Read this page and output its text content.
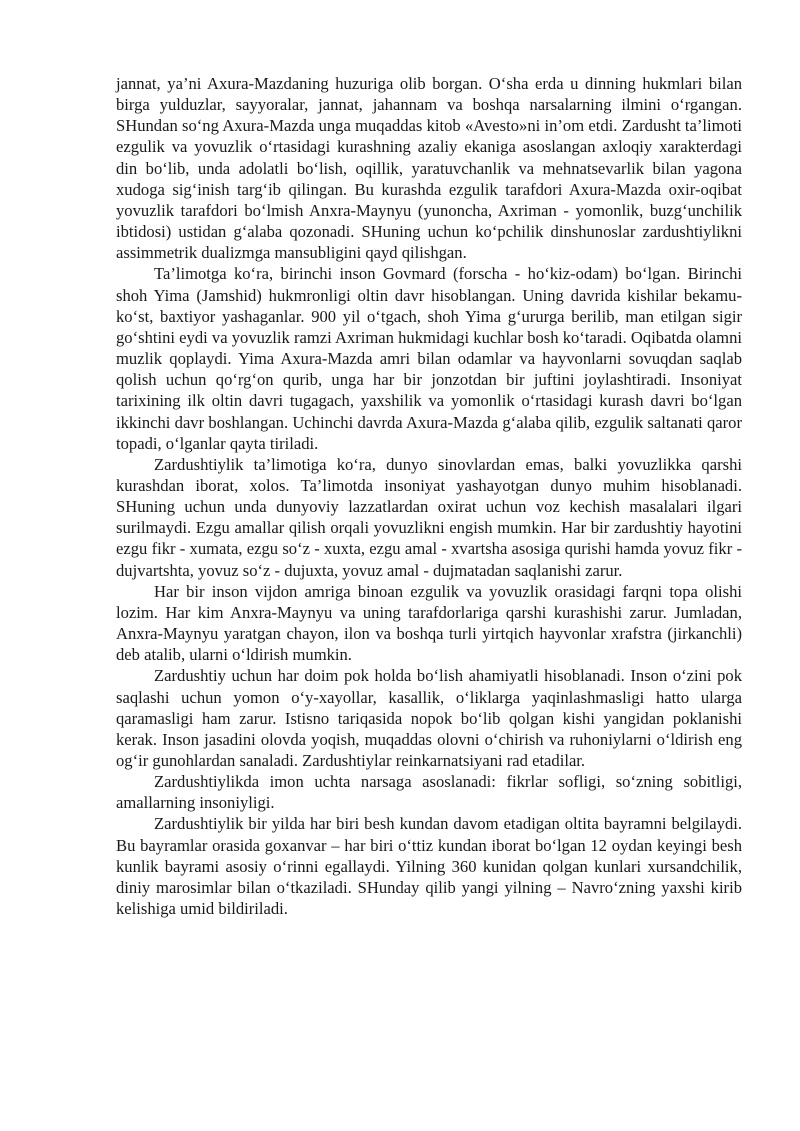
jannat, ya’ni Axura-Mazdaning huzuriga olib borgan. O‘sha erda u dinning hukmlari bilan birga yulduzlar, sayyoralar, jannat, jahannam va boshqa narsalarning ilmini o‘rgangan. SHundan so‘ng Axura-Mazda unga muqaddas kitob «Avesto»ni in’om etdi. Zardusht ta’limoti ezgulik va yovuzlik o‘rtasidagi kurashning azaliy ekaniga asoslangan axloqiy xarakterdagi din bo‘lib, unda adolatli bo‘lish, oqillik, yaratuvchanlik va mehnatsevarlik bilan yagona xudoga sig‘inish targ‘ib qilingan. Bu kurashda ezgulik tarafdori Axura-Mazda oxir-oqibat yovuzlik tarafdori bo‘lmish Anxra-Maynyu (yunoncha, Axriman - yomonlik, buzg‘unchilik ibtidosi) ustidan g‘alaba qozonadi. SHuning uchun ko‘pchilik dinshunoslar zardushtiylikni assimmetrik dualizmga mansubligini qayd qilishgan.

Ta’limotga ko‘ra, birinchi inson Govmard (forscha - ho‘kiz-odam) bo‘lgan. Birinchi shoh Yima (Jamshid) hukmronligi oltin davr hisoblangan. Uning davrida kishilar bekamu-ko‘st, baxtiyor yashaganlar. 900 yil o‘tgach, shoh Yima g‘ururga berilib, man etilgan sigir go‘shtini eydi va yovuzlik ramzi Axriman hukmidagi kuchlar bosh ko‘taradi. Oqibatda olamni muzlik qoplaydi. Yima Axura-Mazda amri bilan odamlar va hayvonlarni sovuqdan saqlab qolish uchun qo‘rg‘on qurib, unga har bir jonzotdan bir juftini joylashtiradi. Insoniyat tarixining ilk oltin davri tugagach, yaxshilik va yomonlik o‘rtasidagi kurash davri bo‘lgan ikkinchi davr boshlangan. Uchinchi davrda Axura-Mazda g‘alaba qilib, ezgulik saltanati qaror topadi, o‘lganlar qayta tiriladi.

Zardushtiylik ta’limotiga ko‘ra, dunyo sinovlardan emas, balki yovuzlikka qarshi kurashdan iborat, xolos. Ta’limotda insoniyat yashayotgan dunyo muhim hisoblanadi. SHuning uchun unda dunyoviy lazzatlardan oxirat uchun voz kechish masalalari ilgari surilmaydi. Ezgu amallar qilish orqali yovuzlikni engish mumkin. Har bir zardushtiy hayotini ezgu fikr - xumata, ezgu so‘z - xuxta, ezgu amal - xvartsha asosiga qurishi hamda yovuz fikr - dujvartshta, yovuz so‘z - dujuxta, yovuz amal - dujmatadan saqlanishi zarur.

Har bir inson vijdon amriga binoan ezgulik va yovuzlik orasidagi farqni topa olishi lozim. Har kim Anxra-Maynyu va uning tarafdorlariga qarshi kurashishi zarur. Jumladan, Anxra-Maynyu yaratgan chayon, ilon va boshqa turli yirtqich hayvonlar xrafstra (jirkanchli) deb atalib, ularni o‘ldirish mumkin.

Zardushtiy uchun har doim pok holda bo‘lish ahamiyatli hisoblanadi. Inson o‘zini pok saqlashi uchun yomon o‘y-xayollar, kasallik, o‘liklarga yaqinlashmasligi hatto ularga qaramasligi ham zarur. Istisno tariqasida nopok bo‘lib qolgan kishi yangidan poklanishi kerak. Inson jasadini olovda yoqish, muqaddas olovni o‘chirish va ruhoniylarni o‘ldirish eng og‘ir gunohlardan sanaladi. Zardushtiylar reinkarnatsiyani rad etadilar.

Zardushtiylikda imon uchta narsaga asoslanadi: fikrlar sofligi, so‘zning sobitligi, amallarning insoniyligi.

Zardushtiylik bir yilda har biri besh kundan davom etadigan oltita bayramni belgilaydi. Bu bayramlar orasida goxanvar – har biri o‘ttiz kundan iborat bo‘lgan 12 oydan keyingi besh kunlik bayrami asosiy o‘rinni egallaydi. Yilning 360 kunidan qolgan kunlari xursandchilik, diniy marosimlar bilan o‘tkaziladi. SHunday qilib yangi yilning – Navro‘zning yaxshi kirib kelishiga umid bildiriladi.
